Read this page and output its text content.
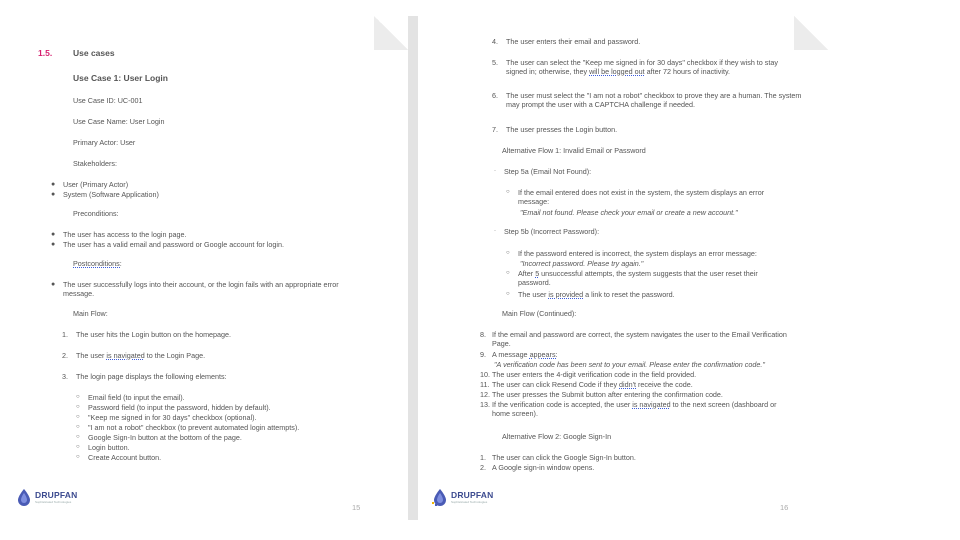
1.5. Use cases
Use Case 1: User Login
Use Case ID: UC-001
Use Case Name: User Login
Primary Actor: User
Stakeholders:
● User (Primary Actor)
● System (Software Application)
Preconditions:
● The user has access to the login page.
● The user has a valid email and password or Google account for login.
Postconditions:
● The user successfully logs into their account, or the login fails with an appropriate error message.
Main Flow:
1. The user hits the Login button on the homepage.
2. The user is navigated to the Login Page.
3. The login page displays the following elements:
○ Email field (to input the email).
○ Password field (to input the password, hidden by default).
○ "Keep me signed in for 30 days" checkbox (optional).
○ "I am not a robot" checkbox (to prevent automated login attempts).
○ Google Sign-In button at the bottom of the page.
○ Login button.
○ Create Account button.
DRUPFAN
Sophisticated Technologies
15
4. The user enters their email and password.
5. The user can select the "Keep me signed in for 30 days" checkbox if they wish to stay signed in; otherwise, they will be logged out after 72 hours of inactivity.
6. The user must select the "I am not a robot" checkbox to prove they are a human. The system may prompt the user with a CAPTCHA challenge if needed.
7. The user presses the Login button.
Alternative Flow 1: Invalid Email or Password
· Step 5a (Email Not Found):
○ If the email entered does not exist in the system, the system displays an error message:
"Email not found. Please check your email or create a new account."
· Step 5b (Incorrect Password):
○ If the password entered is incorrect, the system displays an error message:
"Incorrect password. Please try again."
○ After 5 unsuccessful attempts, the system suggests that the user reset their password.
○ The user is provided a link to reset the password.
Main Flow (Continued):
8. If the email and password are correct, the system navigates the user to the Email Verification Page.
9. A message appears:
"A verification code has been sent to your email. Please enter the confirmation code."
10. The user enters the 4-digit verification code in the field provided.
11. The user can click Resend Code if they didn't receive the code.
12. The user presses the Submit button after entering the confirmation code.
13. If the verification code is accepted, the user is navigated to the next screen (dashboard or home screen).
Alternative Flow 2: Google Sign-In
1. The user can click the Google Sign-In button.
2. A Google sign-in window opens.
DRUPFAN
Sophisticated Technologies
16
